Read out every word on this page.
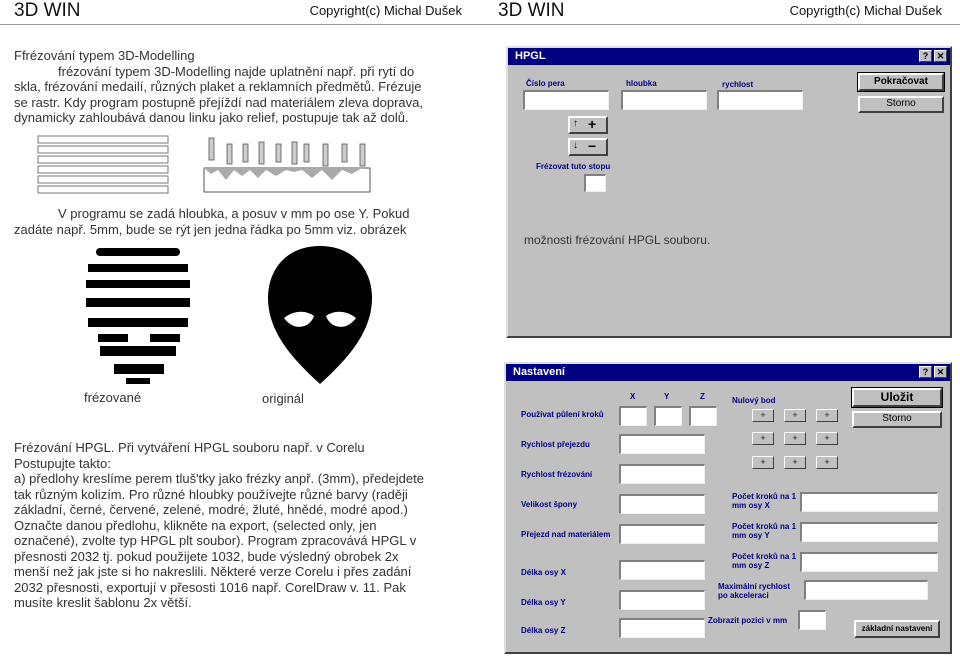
3D WIN	Copyright(c) Michal Dušek 3D WIN	Copyrigth(c) Michal Dušek
Ffrézování typem 3D-Modelling
frézování typem 3D-Modelling najde uplatnění např. při rytí do
skla, frézování medailí, různých plaket a reklamních předmětů. Frézuje
se rastr. Kdy program postupně přejíždí nad materiálem zleva doprava,
dynamicky zahloubává danou linku jako relief, postupuje tak až dolů.
V programu se zadá hloubka, a posuv v mm po ose Y. Pokud
zadáte např. 5mm, bude se rýt jen jedna řádka po 5mm viz. obrázek
frézované	originál
Frézování HPGL. Při vytváření HPGL souboru např. v Corelu
Postupujte takto:
a) předlohy kreslíme perem tluš'tky jako frézky anpř. (3mm), předejdete
tak různým kolizím. Pro různé hloubky používejte různé barvy (raději
základní, černé, červené, zelené, modré, žluté, hnědé, modré apod.)
Označte danou předlohu, klikněte na export, (selected only, jen
označené), zvolte typ HPGL plt soubor). Program zpracovává HPGL v
přesnosti 2032 tj. pokud použijete 1032, bude výsledný obrobek 2x
menší než jak jste si ho nakreslili. Některé verze Corelu i přes zadání
2032 přesnosti, exportují v přesosti 1016 např. CorelDraw v. 11. Pak
musíte kreslit šablonu 2x větší.
HPGL	? ✕
Číslo pera	hloubka	rychlost	Pokračovat
Storno
↑ +
↓ −
Frézovat tuto stopu
možnosti frézování HPGL souboru.
Nastavení	? ✕
X	Y	Z	Nulový bod	Uložit
Storno
Používat půlení kroků	+	+	+
+	+	+
+	+	+
Rychlost přejezdu
Rychlost frézování
Velikost špony
Přejezd nad materiálem
Délka osy X
Délka osy Y
Délka osy Z
Počet kroků na 1 mm osy X
Počet kroků na 1 mm osy Y
Počet kroků na 1 mm osy Z
Maximální rychlost po akceleraci
Zobrazit pozici v mm
základní nastavení
